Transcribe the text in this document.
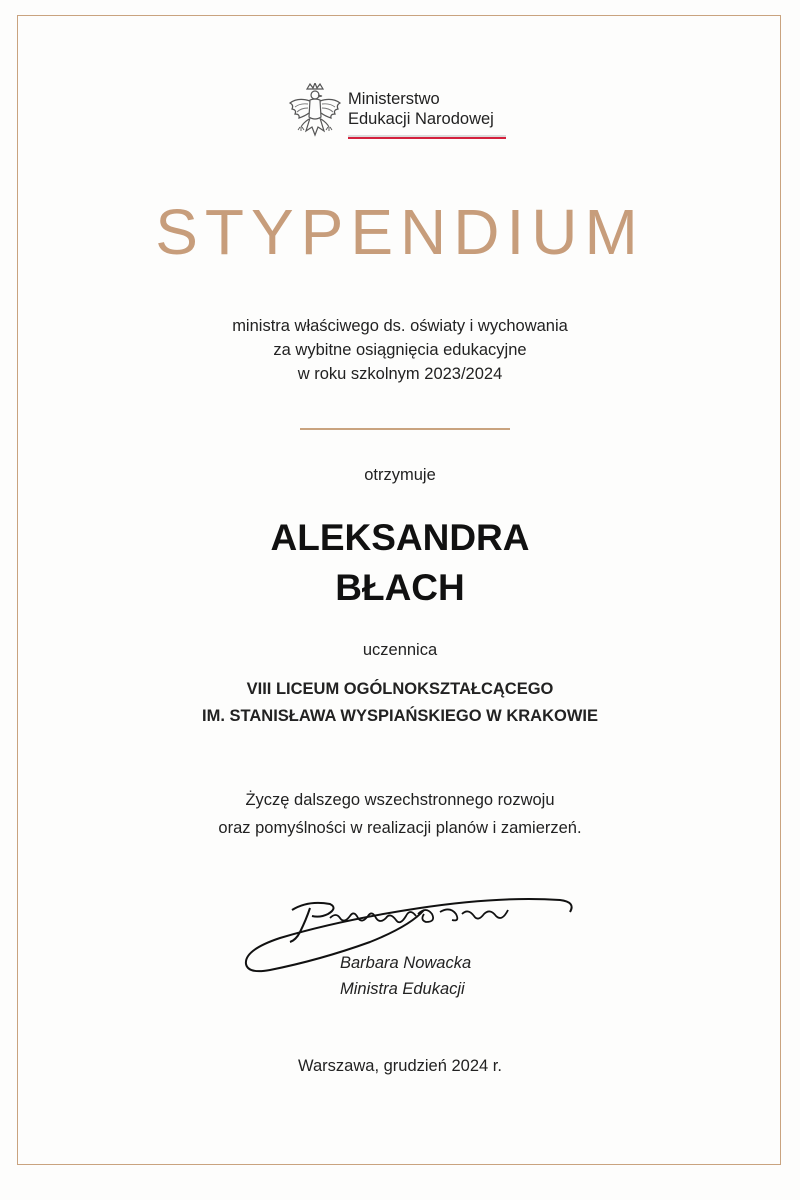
Ministerstwo
Edukacji Narodowej
STYPENDIUM
ministra właściwego ds. oświaty i wychowania
za wybitne osiągnięcia edukacyjne
w roku szkolnym 2023/2024
otrzymuje
ALEKSANDRA
BŁACH
uczennica
VIII LICEUM OGÓLNOKSZTAŁCĄCEGO
IM. STANISŁAWA WYSPIAŃSKIEGO W KRAKOWIE
Życzę dalszego wszechstronnego rozwoju
oraz pomyślności w realizacji planów i zamierzeń.
Barbara Nowacka
Ministra Edukacji
Warszawa, grudzień 2024 r.
